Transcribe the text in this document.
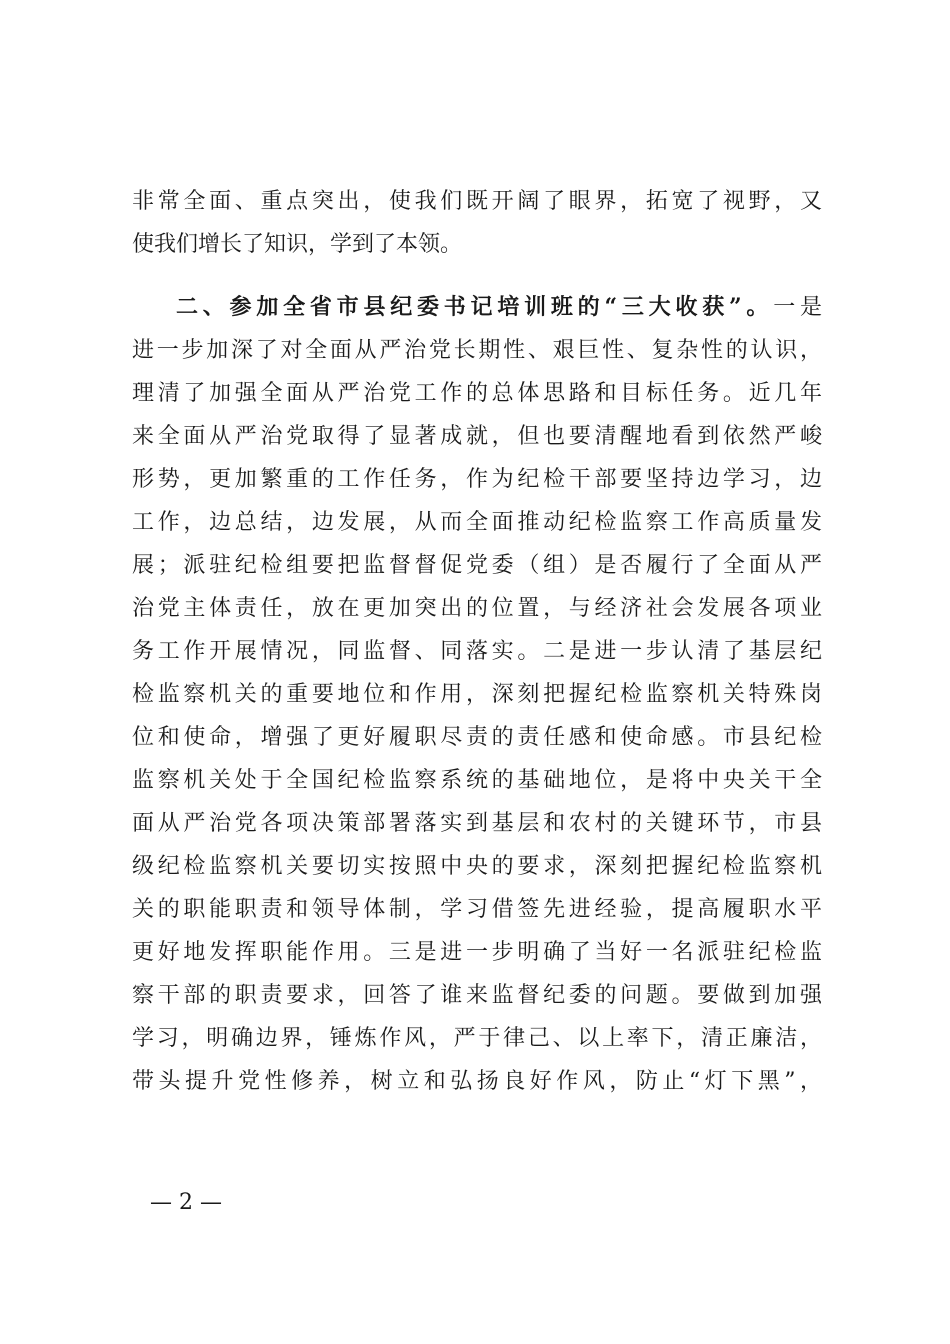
非常全面、重点突出，使我们既开阔了眼界，拓宽了视野，又
使我们增长了知识，学到了本领。
二、参加全省市县纪委书记培训班的“三大收获”。一是
进一步加深了对全面从严治党长期性、艰巨性、复杂性的认识，
理清了加强全面从严治党工作的总体思路和目标任务。近几年
来全面从严治党取得了显著成就，但也要清醒地看到依然严峻
形势，更加繁重的工作任务，作为纪检干部要坚持边学习，边
工作，边总结，边发展，从而全面推动纪检监察工作高质量发
展；派驻纪检组要把监督督促党委（组）是否履行了全面从严
治党主体责任，放在更加突出的位置，与经济社会发展各项业
务工作开展情况，同监督、同落实。二是进一步认清了基层纪
检监察机关的重要地位和作用，深刻把握纪检监察机关特殊岗
位和使命，增强了更好履职尽责的责任感和使命感。市县纪检
监察机关处于全国纪检监察系统的基础地位，是将中央关干全
面从严治党各项决策部署落实到基层和农村的关键环节，市县
级纪检监察机关要切实按照中央的要求，深刻把握纪检监察机
关的职能职责和领导体制，学习借签先进经验，提高履职水平
更好地发挥职能作用。三是进一步明确了当好一名派驻纪检监
察干部的职责要求，回答了谁来监督纪委的问题。要做到加强
学习，明确边界，锤炼作风，严于律己、以上率下，清正廉洁，
带头提升党性修养，树立和弘扬良好作风，防止“灯下黑”，
— 2 —
